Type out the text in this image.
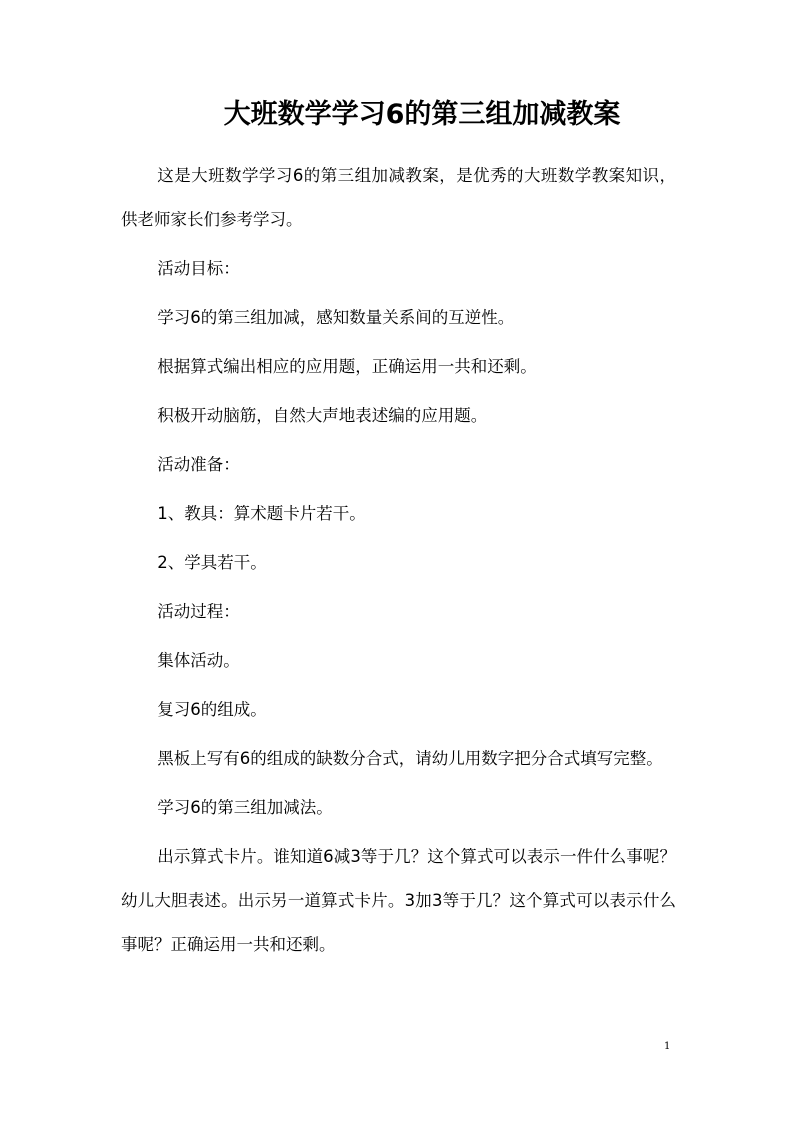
大班数学学习6的第三组加减教案

这是大班数学学习6的第三组加减教案，是优秀的大班数学教案知识，供老师家长们参考学习。

活动目标：

学习6的第三组加减，感知数量关系间的互逆性。

根据算式编出相应的应用题，正确运用一共和还剩。

积极开动脑筋，自然大声地表述编的应用题。

活动准备：

1、教具：算术题卡片若干。

2、学具若干。

活动过程：

集体活动。

复习6的组成。

黑板上写有6的组成的缺数分合式，请幼儿用数字把分合式填写完整。

学习6的第三组加减法。

出示算式卡片。谁知道6减3等于几？这个算式可以表示一件什么事呢？幼儿大胆表述。出示另一道算式卡片。3加3等于几？这个算式可以表示什么事呢？正确运用一共和还剩。

1
